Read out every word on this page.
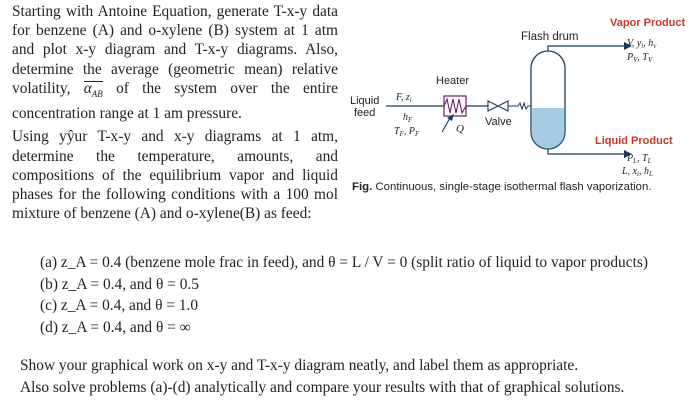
Starting with Antoine Equation, generate T-x-y data for benzene (A) and o-xylene (B) system at 1 atm and plot x-y diagram and T-x-y diagrams. Also, determine the average (geometric mean) relative volatility, $\alpha_{AB}$ of the system over the entire concentration range at 1 am pressure.

Using yŷur T-x-y and x-y diagrams at 1 atm, determine the temperature, amounts, and compositions of the equilibrium vapor and liquid phases for the following conditions with a 100 mol mixture of benzene (A) and o-xylene(B) as feed:

Flash drum
Vapor Product
V, $y_i$, $h_v$
$P_V$, $T_V$
Liquid Product
$P_L$, $T_L$
L, $x_i$, $h_L$
Liquid
feed
F, $z_i$
$h_F$
$T_F$, $P_F$
Heater
Q
Valve
Fig. Continuous, single-stage isothermal flash vaporization.
(a) z_A = 0.4 (benzene mole frac in feed), and θ = L / V = 0 (split ratio of liquid to vapor products)
(b) z_A = 0.4, and θ = 0.5
(c) z_A = 0.4, and θ = 1.0
(d) z_A = 0.4, and θ = ∞
Show your graphical work on x-y and T-x-y diagram neatly, and label them as appropriate.
Also solve problems (a)-(d) analytically and compare your results with that of graphical solutions.
